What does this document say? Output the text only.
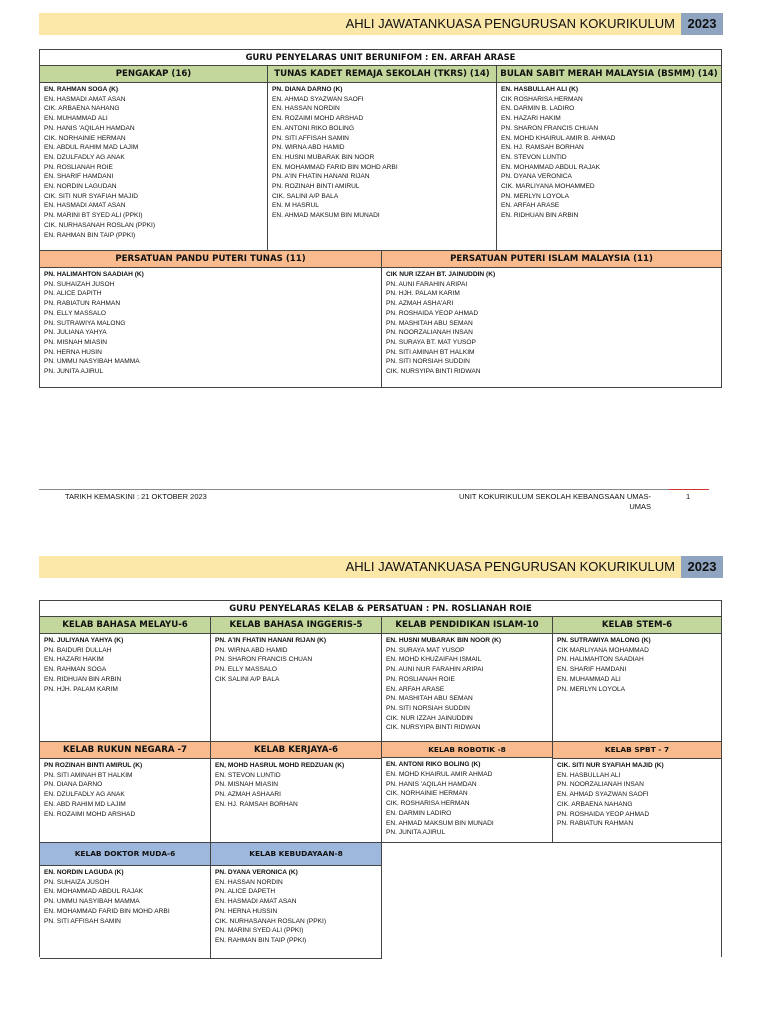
AHLI JAWATANKUASA PENGURUSAN KOKURIKULUM 2023
GURU PENYELARAS UNIT BERUNIFOM : EN. ARFAH ARASE
PENGAKAP (16)
EN. RAHMAN SOGA (K)
EN. HASMADI AMAT ASAN
CIK. ARBAENA NAHANG
EN. MUHAMMAD ALI
PN. HANIS 'AQILAH HAMDAN
CIK. NORHAINIE HERMAN
EN. ABDUL RAHIM MAD LAJIM
EN. DZULFADLY AG ANAK
PN. ROSLIANAH ROIE
EN. SHARIF HAMDANI
EN. NORDIN LAGUDAN
CIK. SITI NUR SYAFIAH MAJID
EN. HASMADI AMAT ASAN
PN. MARINI BT SYED ALI (PPKI)
CIK. NURHASANAH ROSLAN (PPKI)
EN. RAHMAN BIN TAIP (PPKI)
TUNAS KADET REMAJA SEKOLAH (TKRS) (14)
PN. DIANA DARNO (K)
EN. AHMAD SYAZWAN SAOFI
EN. HASSAN NORDIN
EN. ROZAIMI MOHD ARSHAD
EN. ANTONI RIKO BOLING
PN. SITI AFFISAH SAMIN
PN. WIRNA ABD HAMID
EN. HUSNI MUBARAK BIN NOOR
EN. MOHAMMAD FARID BIN MOHD ARBI
PN. A'IN FHATIN HANANI RIJAN
PN. ROZINAH BINTI AMIRUL
CIK. SALINI A/P BALA
EN. M HASRUL
EN. AHMAD MAKSUM BIN MUNADI
BULAN SABIT MERAH MALAYSIA (BSMM) (14)
EN. HASBULLAH ALI (K)
CIK ROSHARISA HERMAN
EN. DARMIN B. LADIRO
EN. HAZARI HAKIM
PN. SHARON FRANCIS CHUAN
EN. MOHD KHAIRUL AMIR B. AHMAD
EN. HJ. RAMSAH BORHAN
EN. STEVON LUNTID
EN. MOHAMMAD ABDUL RAJAK
PN. DYANA VERONICA
CIK. MARLIYANA MOHAMMED
PN. MERLYN LOYOLA
EN. ARFAH ARASE
EN. RIDHUAN BIN ARBIN
PERSATUAN PANDU PUTERI TUNAS (11)
PN. HALIMAHTON SAADIAH (K)
PN. SUHAIZAH JUSOH
PN. ALICE DAPITH
PN. RABIATUN RAHMAN
PN. ELLY MASSALO
PN. SUTRAWIYA MALONG
PN. JULIANA YAHYA
PN. MISNAH MIASIN
PN. HERNA HUSIN
PN. UMMU NASYIBAH MAMMA
PN. JUNITA AJIRUL
PERSATUAN PUTERI ISLAM MALAYSIA (11)
CIK NUR IZZAH BT. JAINUDDIN (K)
PN. AUNI FARAHIN ARIPAI
PN. HJH. PALAM KARIM
PN. AZMAH ASHA'ARI
PN. ROSHAIDA YEOP AHMAD
PN. MASHITAH ABU SEMAN
PN. NOORZALIANAH INSAN
PN. SURAYA BT. MAT YUSOP
PN. SITI AMINAH BT HALKIM
PN. SITI NORSIAH SUDDIN
CIK. NURSYIPA BINTI RIDWAN
TARIKH KEMASKINI : 21 OKTOBER 2023	UNIT KOKURIKULUM SEKOLAH KEBANGSAAN UMAS-
UMAS
1
AHLI JAWATANKUASA PENGURUSAN KOKURIKULUM 2023
GURU PENYELARAS KELAB & PERSATUAN : PN. ROSLIANAH ROIE
KELAB BAHASA MELAYU-6
PN. JULIYANA YAHYA (K)
PN. BAIDURI DULLAH
EN. HAZARI HAKIM
EN. RAHMAN SOGA
EN. RIDHUAN BIN ARBIN
PN. HJH. PALAM KARIM
KELAB BAHASA INGGERIS-5
PN. A'IN FHATIN HANANI RIJAN (K)
PN. WIRNA ABD HAMID
PN. SHARON FRANCIS CHUAN
PN. ELLY MASSALO
CIK SALINI A/P BALA
KELAB PENDIDIKAN ISLAM-10
EN. HUSNI MUBARAK BIN NOOR (K)
PN. SURAYA MAT YUSOP
EN. MOHD KHUZAIFAH ISMAIL
PN. AUNI NUR FARAHIN ARIPAI
PN. ROSLIANAH ROIE
EN. ARFAH ARASE
PN. MASHITAH ABU SEMAN
PN. SITI NORSIAH SUDDIN
CIK. NUR IZZAH JAINUDDIN
CIK. NURSYIPA BINTI RIDWAN
KELAB STEM-6
PN. SUTRAWIYA MALONG (K)
CIK MARLIYANA MOHAMMAD
PN. HALIMAHTON SAADIAH
EN. SHARIF HAMDANI
EN. MUHAMMAD ALI
PN. MERLYN LOYOLA
KELAB RUKUN NEGARA -7
PN ROZINAH BINTI AMIRUL (K)
PN. SITI AMINAH BT HALKIM
PN. DIANA DARNO
EN. DZULFADLY AG ANAK
EN. ABD RAHIM MD LAJIM
EN. ROZAIMI MOHD ARSHAD
KELAB KERJAYA-6
EN, MOHD HASRUL MOHD REDZUAN (K)
EN. STEVON LUNTID
PN. MISNAH MIASIN
PN. AZMAH ASHAARI
EN. HJ. RAMSAH BORHAN
KELAB ROBOTIK -8
EN. ANTONI RIKO BOLING (K)
EN. MOHD KHAIRUL AMIR AHMAD
PN. HANIS 'AQILAH HAMDAN
CIK. NORHAINIE HERMAN
CIK. ROSHARISA HERMAN
EN. DARMIN LADIRO
EN. AHMAD MAKSUM BIN MUNADI
PN. JUNITA AJIRUL
KELAB SPBT - 7
CIK. SITI NUR SYAFIAH MAJID (K)
EN. HASBULLAH ALI
PN. NOORZALIANAH INSAN
EN. AHMAD SYAZWAN SAOFI
CIK. ARBAENA NAHANG
PN. ROSHAIDA YEOP AHMAD
PN. RABIATUN RAHMAN
KELAB DOKTOR MUDA-6
EN. NORDIN LAGUDA (K)
PN. SUHAIZA JUSOH
EN. MOHAMMAD ABDUL RAJAK
PN. UMMU NASYIBAH MAMMA
EN. MOHAMMAD FARID BIN MOHD ARBI
PN. SITI AFFISAH SAMIN
KELAB KEBUDAYAAN-8
PN. DYANA VERONICA (K)
EN. HASSAN NORDIN
PN. ALICE DAPETH
EN. HASMADI AMAT ASAN
PN. HERNA HUSSIN
CIK. NURHASANAH ROSLAN (PPKI)
PN. MARINI SYED ALI (PPKI)
EN. RAHMAN BIN TAIP (PPKI)
